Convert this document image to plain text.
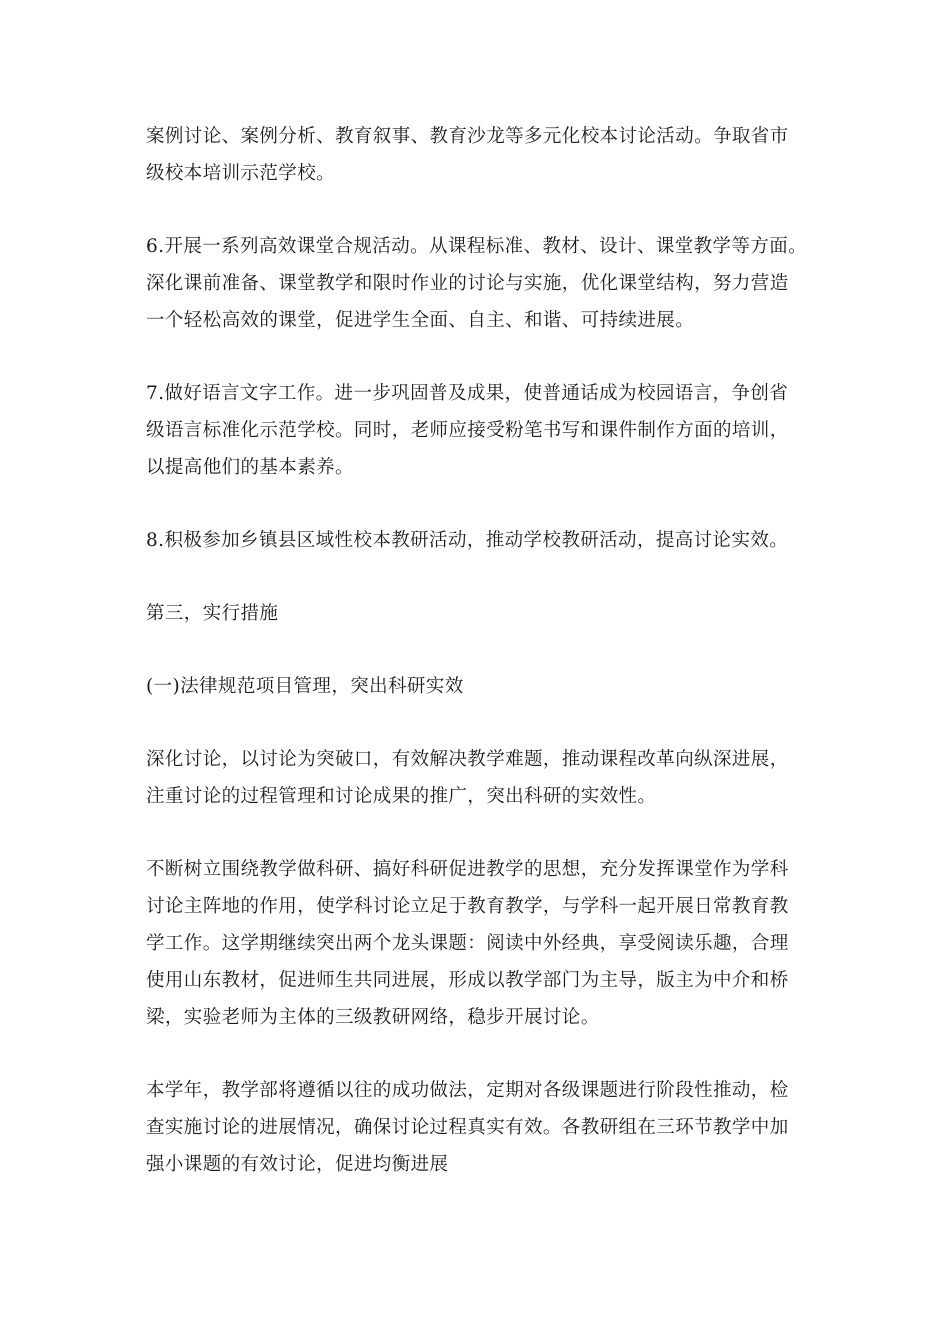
案例讨论、案例分析、教育叙事、教育沙龙等多元化校本讨论活动。争取省市
级校本培训示范学校。
6.开展一系列高效课堂合规活动。从课程标准、教材、设计、课堂教学等方面。
深化课前准备、课堂教学和限时作业的讨论与实施，优化课堂结构，努力营造
一个轻松高效的课堂，促进学生全面、自主、和谐、可持续进展。
7.做好语言文字工作。进一步巩固普及成果，使普通话成为校园语言，争创省
级语言标准化示范学校。同时，老师应接受粉笔书写和课件制作方面的培训，
以提高他们的基本素养。
8.积极参加乡镇县区域性校本教研活动，推动学校教研活动，提高讨论实效。
第三，实行措施
(一)法律规范项目管理，突出科研实效
深化讨论，以讨论为突破口，有效解决教学难题，推动课程改革向纵深进展，
注重讨论的过程管理和讨论成果的推广，突出科研的实效性。
不断树立围绕教学做科研、搞好科研促进教学的思想，充分发挥课堂作为学科
讨论主阵地的作用，使学科讨论立足于教育教学，与学科一起开展日常教育教
学工作。这学期继续突出两个龙头课题：阅读中外经典，享受阅读乐趣，合理
使用山东教材，促进师生共同进展，形成以教学部门为主导，版主为中介和桥
梁，实验老师为主体的三级教研网络，稳步开展讨论。
本学年，教学部将遵循以往的成功做法，定期对各级课题进行阶段性推动，检
查实施讨论的进展情况，确保讨论过程真实有效。各教研组在三环节教学中加
强小课题的有效讨论，促进均衡进展
